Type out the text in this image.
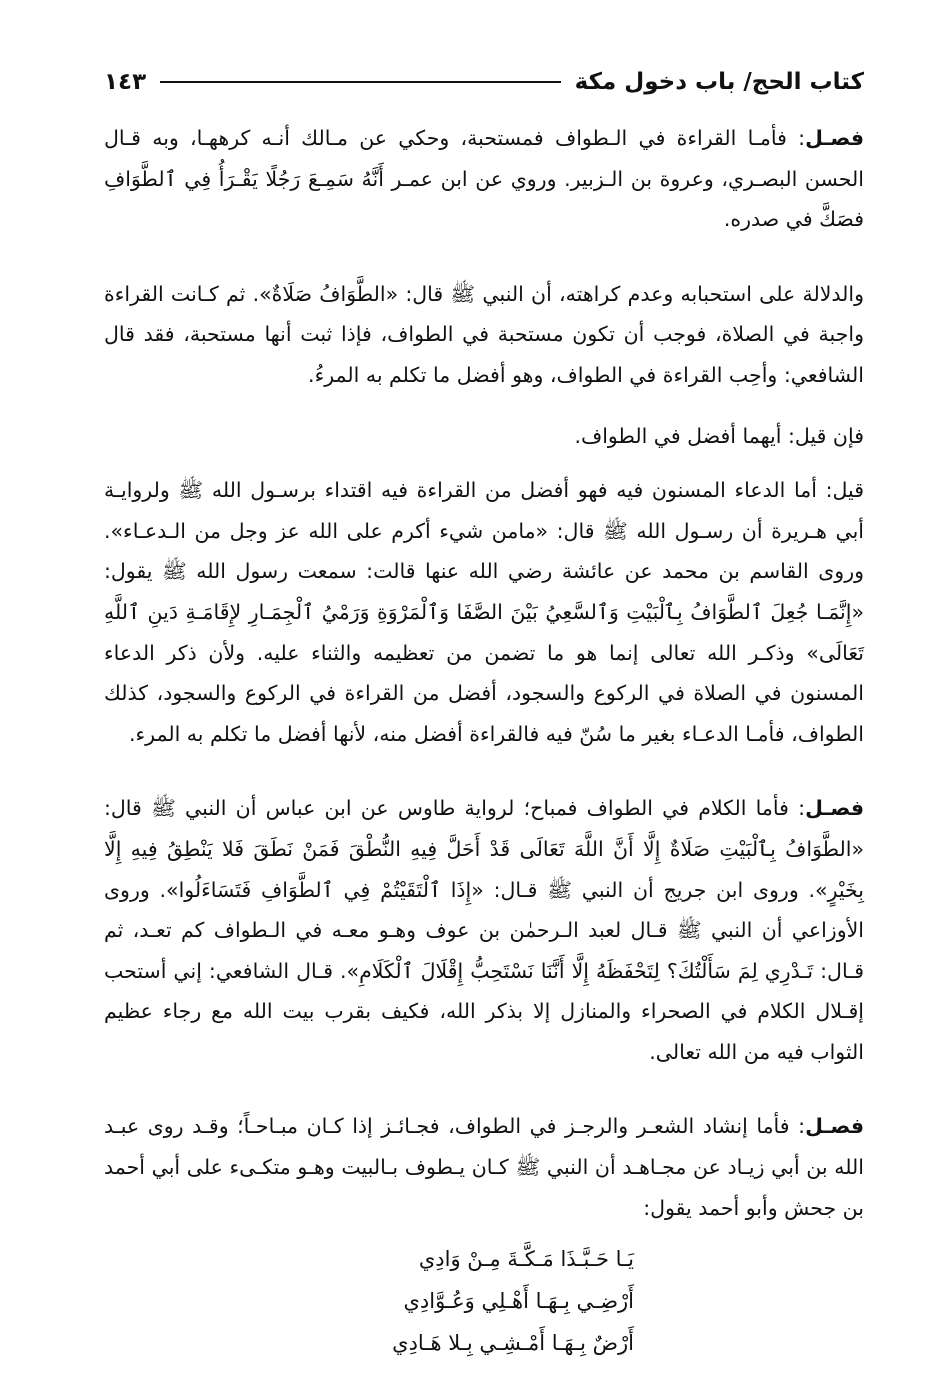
كتاب الحج/ باب دخول مكة
١٤٣

فصـل: فأمـا القراءة في الـطواف فمستحبة، وحكي عن مـالك أنـه كرههـا، وبه قـال الحسن البصـري، وعروة بن الـزبير. وروي عن ابن عمـر أَنَّهُ سَمِـعَ رَجُلًا يَقْـرَأُ فِي ٱلطَّوَافِ فصَكَّ في صدره.

والدلالة على استحبابه وعدم كراهته، أن النبي ﷺ قال: «الطَّوَافُ صَلَاةٌ». ثم كـانت القراءة واجبة في الصلاة، فوجب أن تكون مستحبة في الطواف، فإذا ثبت أنها مستحبة، فقد قال الشافعي: وأحِب القراءة في الطواف، وهو أفضل ما تكلم به المرءُ.

فإن قيل: أيهما أفضل في الطواف.

قيل: أما الدعاء المسنون فيه فهو أفضل من القراءة فيه اقتداء برسـول الله ﷺ ولروايـة أبي هـريرة أن رسـول الله ﷺ قال: «مامن شيء أكرم على الله عز وجل من الـدعـاء». وروى القاسم بن محمد عن عائشة رضي الله عنها قالت: سمعت رسول الله ﷺ يقول: «إِنَّمَـا جُعِلَ ٱلطَّوَافُ بِٱلْبَيْتِ وَٱلسَّعِيُ بَيْنَ الصَّفَا وَٱلْمَرْوَةِ وَرَمْيُ ٱلْجِمَـارِ لإِقَامَـةِ دَينِ ٱللَّهِ تَعَالَى» وذكـر الله تعالى إنما هو ما تضمن من تعظيمه والثناء عليه. ولأن ذكر الدعاء المسنون في الصلاة في الركوع والسجود، أفضل من القراءة في الركوع والسجود، كذلك الطواف، فأمـا الدعـاء بغير ما سُنّ فيه فالقراءة أفضل منه، لأنها أفضل ما تكلم به المرء.

فصـل: فأما الكلام في الطواف فمباح؛ لرواية طاوس عن ابن عباس أن النبي ﷺ قال: «الطَّوَافُ بِٱلْبَيْتِ صَلَاةٌ إِلَّا أَنَّ اللَّهَ تَعَالَى قَدْ أَحَلَّ فِيهِ النُّطْقَ فَمَنْ نَطَقَ فَلا يَنْطِقُ فِيهِ إِلَّا بِخَيْرٍ». وروى ابن جريج أن النبي ﷺ قـال: «إِذَا ٱلْتَقَيْتُمْ فِي ٱلطَّوَافِ فَتَسَاءَلُوا». وروى الأوزاعي أن النبي ﷺ قـال لعبد الـرحمٰن بن عوف وهـو معـه في الـطواف كم تعـد، ثم قـال: تَـدْرِي لِمَ سَأَلْتُكَ؟ لِتَحْفَظَهُ إِلَّا أَنَّنَا نَسْتَحِبُّ إِقْلَالَ ٱلْكَلَامِ». قـال الشافعي: إني أستحب إقـلال الكلام في الصحراء والمنازل إلا بذكر الله، فكيف بقرب بيت الله مع رجاء عظيم الثواب فيه من الله تعالى.

فصـل: فأما إنشاد الشعـر والرجـز في الطواف، فجـائـز إذا كـان مبـاحـاً؛ وقـد روى عبـد الله بن أبي زيـاد عن مجـاهـد أن النبي ﷺ كـان يـطوف بـالبيت وهـو متكـىء على أبي أحمد بن جحش وأبو أحمد يقول:

يَـا حَـبَّـذَا مَـكَّـةَ مِـنْ وَادِي
أَرْضِـي بِـهَـا أَهْـلِي وَعُـوَّادِي
أَرْضٌ بِـهَـا أَمْـشِـي بِـلا هَـادِي
